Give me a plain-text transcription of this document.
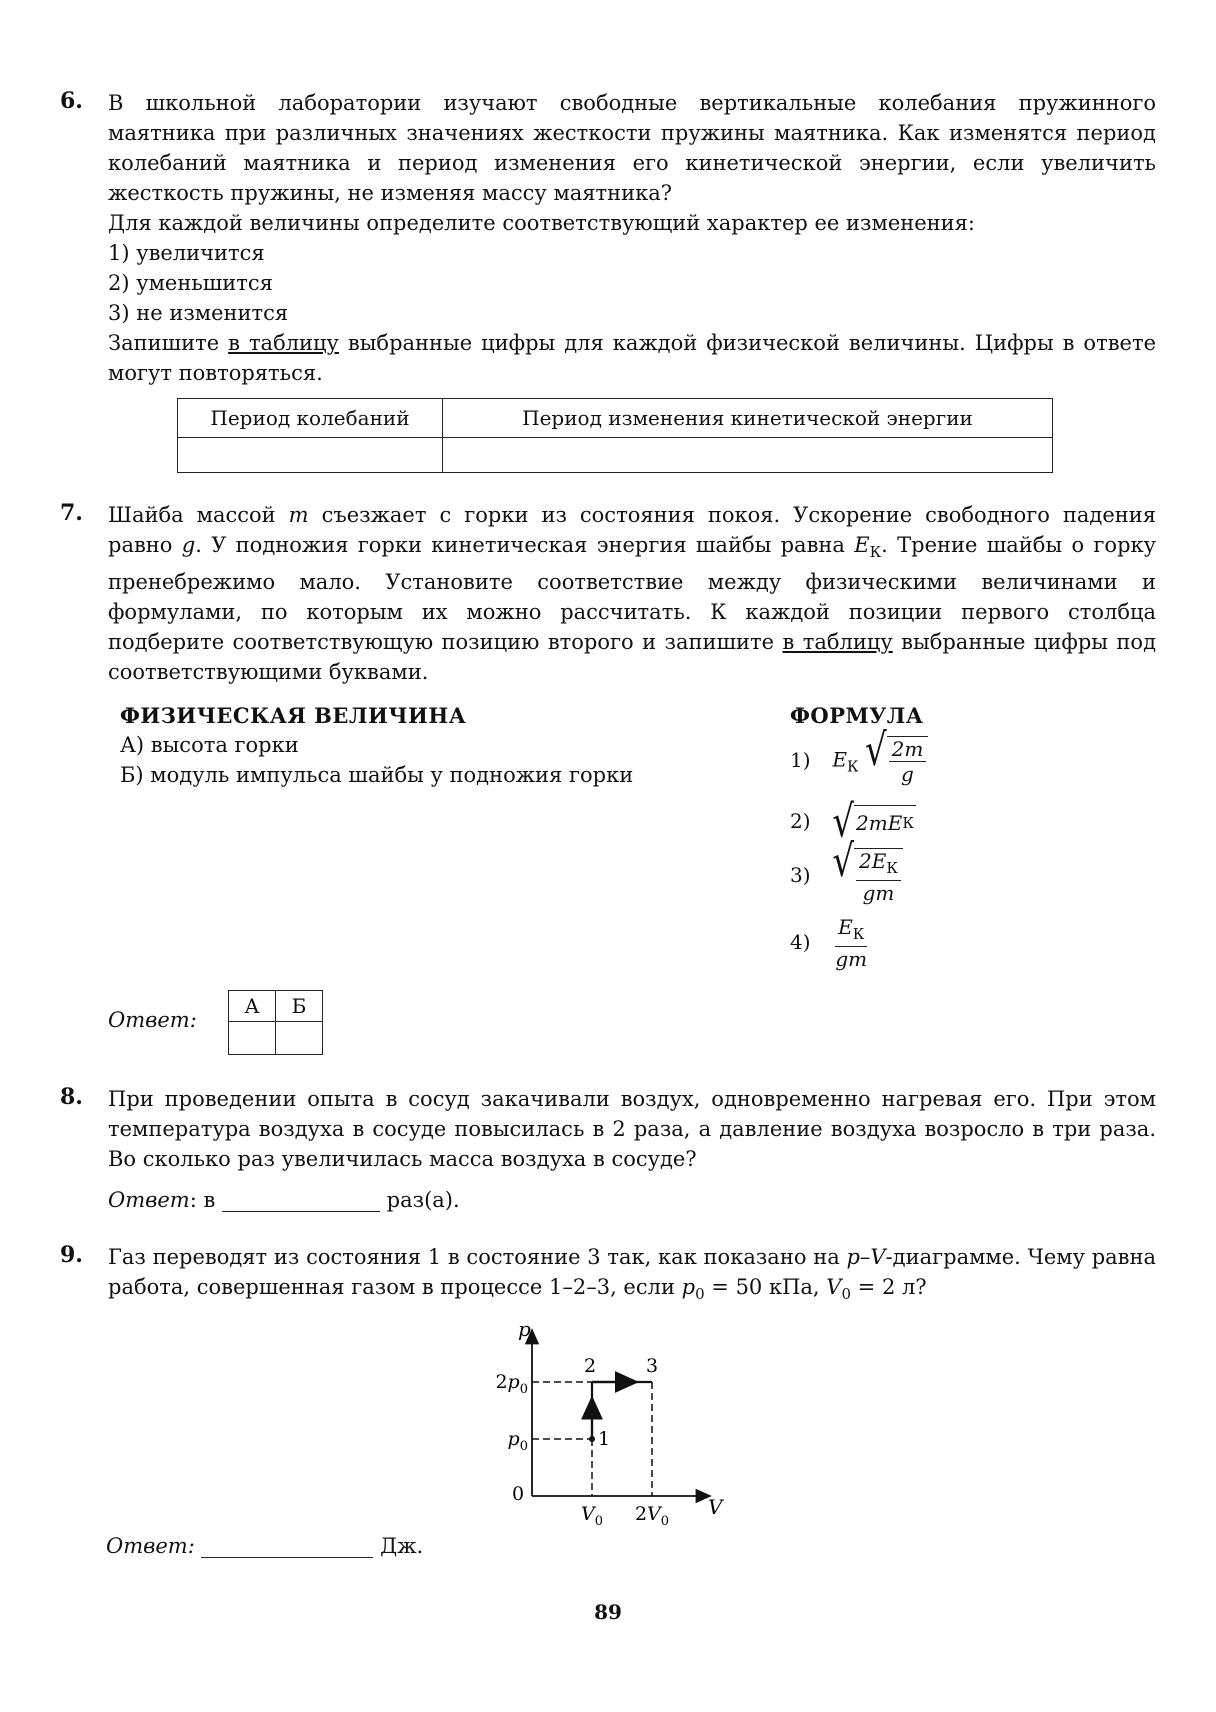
6. В школьной лаборатории изучают свободные вертикальные колебания пружинного маятника при различных значениях жесткости пружины маятника. Как изменятся период колебаний маятника и период изменения его кинетической энергии, если увеличить жесткость пружины, не изменяя массу маятника?

Для каждой величины определите соответствующий характер ее изменения:

1) увеличится

2) уменьшится

3) не изменится

Запишите в таблицу выбранные цифры для каждой физической величины. Цифры в ответе могут повторяться.

Период колебаний	Период изменения кинетической энергии

7. Шайба массой m съезжает с горки из состояния покоя. Ускорение свободного падения равно g. У подножия горки кинетическая энергия шайбы равна $E_К$. Трение шайбы о горку пренебрежимо мало. Установите соответствие между физическими величинами и формулами, по которым их можно рассчитать. К каждой позиции первого столбца подберите соответствующую позицию второго и запишите в таблицу выбранные цифры под соответствующими буквами.

ФИЗИЧЕСКАЯ ВЕЛИЧИНА
А) высота горки
Б) модуль импульса шайбы у подножия горки
ФОРМУЛА
1) $E_К$ √ $\frac{2m}{g}$
2) √ 2mE К
3) √ $\frac{2E_К}{gm}$
$4) \frac{E_К}{gm}$
Ответ:
А	Б

8. При проведении опыта в сосуд закачивали воздух, одновременно нагревая его. При этом температура воздуха в сосуде повысилась в 2 раза, а давление воздуха возросло в три раза. Во сколько раз увеличилась масса воздуха в сосуде?

Ответ: в	раз(а).
9. Газ переводят из состояния 1 в состояние 3 так, как показано на p–V-диаграмме. Чему равна работа, совершенная газом в процессе 1–2–3, если $p_0 = 50$ кПа, $V_0 = 2$ л?

p
V
0
$2p_0$
$p_0$
$V_0$ $2V_0$
1
2	3
Ответ:	Дж.
89
